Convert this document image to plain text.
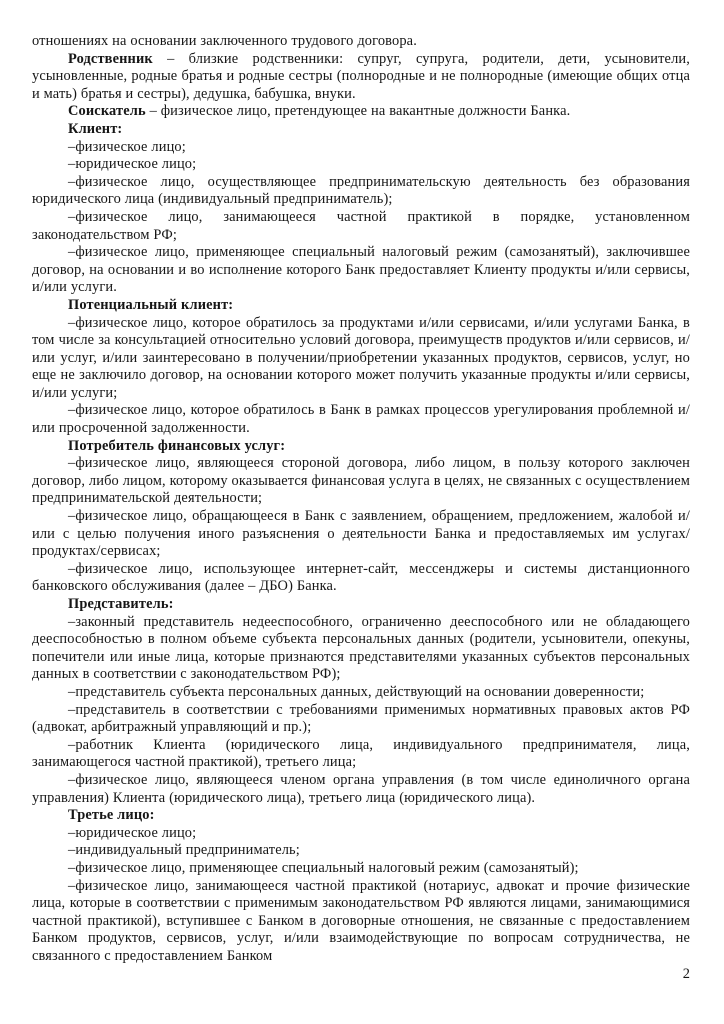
отношениях на основании заключенного трудового договора.

Родственник – близкие родственники: супруг, супруга, родители, дети, усыновители, усыновленные, родные братья и родные сестры (полнородные и не полнородные (имеющие общих отца и мать) братья и сестры), дедушка, бабушка, внуки.

Соискатель – физическое лицо, претендующее на вакантные должности Банка.

Клиент:

–физическое лицо;

–юридическое лицо;

–физическое лицо, осуществляющее предпринимательскую деятельность без образования юридического лица (индивидуальный предприниматель);

–физическое лицо, занимающееся частной практикой в порядке, установленном законодательством РФ;

–физическое лицо, применяющее специальный налоговый режим (самозанятый), заключившее договор, на основании и во исполнение которого Банк предоставляет Клиенту продукты и/или сервисы, и/или услуги.

Потенциальный клиент:

–физическое лицо, которое обратилось за продуктами и/или сервисами, и/или услугами Банка, в том числе за консультацией относительно условий договора, преимуществ продуктов и/или сервисов, и/или услуг, и/или заинтересовано в получении/приобретении указанных продуктов, сервисов, услуг, но еще не заключило договор, на основании которого может получить указанные продукты и/или сервисы, и/или услуги;

–физическое лицо, которое обратилось в Банк в рамках процессов урегулирования проблемной и/или просроченной задолженности.

Потребитель финансовых услуг:

–физическое лицо, являющееся стороной договора, либо лицом, в пользу которого заключен договор, либо лицом, которому оказывается финансовая услуга в целях, не связанных с осуществлением предпринимательской деятельности;

–физическое лицо, обращающееся в Банк с заявлением, обращением, предложением, жалобой и/или с целью получения иного разъяснения о деятельности Банка и предоставляемых им услугах/продуктах/сервисах;

–физическое лицо, использующее интернет-сайт, мессенджеры и системы дистанционного банковского обслуживания (далее – ДБО) Банка.

Представитель:

–законный представитель недееспособного, ограниченно дееспособного или не обладающего дееспособностью в полном объеме субъекта персональных данных (родители, усыновители, опекуны, попечители или иные лица, которые признаются представителями указанных субъектов персональных данных в соответствии с законодательством РФ);

–представитель субъекта персональных данных, действующий на основании доверенности;

–представитель в соответствии с требованиями применимых нормативных правовых актов РФ (адвокат, арбитражный управляющий и пр.);

–работник Клиента (юридического лица, индивидуального предпринимателя, лица, занимающегося частной практикой), третьего лица;

–физическое лицо, являющееся членом органа управления (в том числе единоличного органа управления) Клиента (юридического лица), третьего лица (юридического лица).

Третье лицо:

–юридическое лицо;

–индивидуальный предприниматель;

–физическое лицо, применяющее специальный налоговый режим (самозанятый);

–физическое лицо, занимающееся частной практикой (нотариус, адвокат и прочие физические лица, которые в соответствии с применимым законодательством РФ являются лицами, занимающимися частной практикой), вступившее с Банком в договорные отношения, не связанные с предоставлением Банком продуктов, сервисов, услуг, и/или взаимодействующие по вопросам сотрудничества, не связанного с предоставлением Банком

2
